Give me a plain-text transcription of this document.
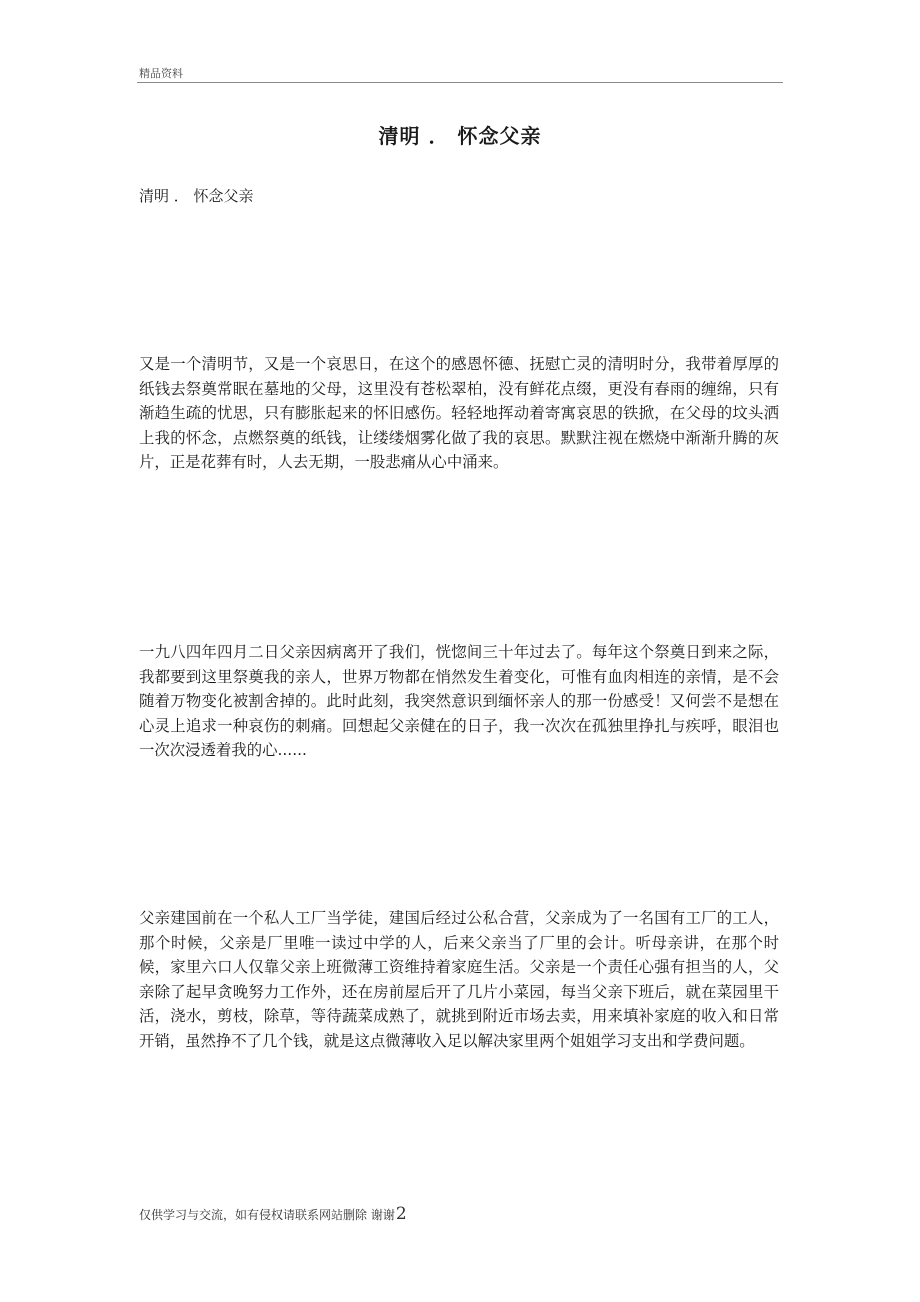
精品资料
清明 ． 怀念父亲
清明 ． 怀念父亲

又是一个清明节，又是一个哀思日，在这个的感恩怀德、抚慰亡灵的清明时分，我带着厚厚的纸钱去祭奠常眠在墓地的父母，这里没有苍松翠柏，没有鲜花点缀，更没有春雨的缠绵，只有渐趋生疏的忧思，只有膨胀起来的怀旧感伤。轻轻地挥动着寄寓哀思的铁掀，在父母的坟头洒上我的怀念，点燃祭奠的纸钱，让缕缕烟雾化做了我的哀思。默默注视在燃烧中渐渐升腾的灰片，正是花葬有时，人去无期，一股悲痛从心中涌来。

一九八四年四月二日父亲因病离开了我们，恍惚间三十年过去了。每年这个祭奠日到来之际，我都要到这里祭奠我的亲人，世界万物都在悄然发生着变化，可惟有血肉相连的亲情，是不会随着万物变化被割舍掉的。此时此刻，我突然意识到缅怀亲人的那一份感受！又何尝不是想在心灵上追求一种哀伤的刺痛。回想起父亲健在的日子，我一次次在孤独里挣扎与疾呼，眼泪也一次次浸透着我的心......

父亲建国前在一个私人工厂当学徒，建国后经过公私合营，父亲成为了一名国有工厂的工人，那个时候，父亲是厂里唯一读过中学的人，后来父亲当了厂里的会计。听母亲讲，在那个时候，家里六口人仅靠父亲上班微薄工资维持着家庭生活。父亲是一个责任心强有担当的人，父亲除了起早贪晚努力工作外，还在房前屋后开了几片小菜园，每当父亲下班后，就在菜园里干活，浇水，剪枝，除草，等待蔬菜成熟了，就挑到附近市场去卖，用来填补家庭的收入和日常开销，虽然挣不了几个钱，就是这点微薄收入足以解决家里两个姐姐学习支出和学费问题。

仅供学习与交流，如有侵权请联系网站删除 谢谢2
